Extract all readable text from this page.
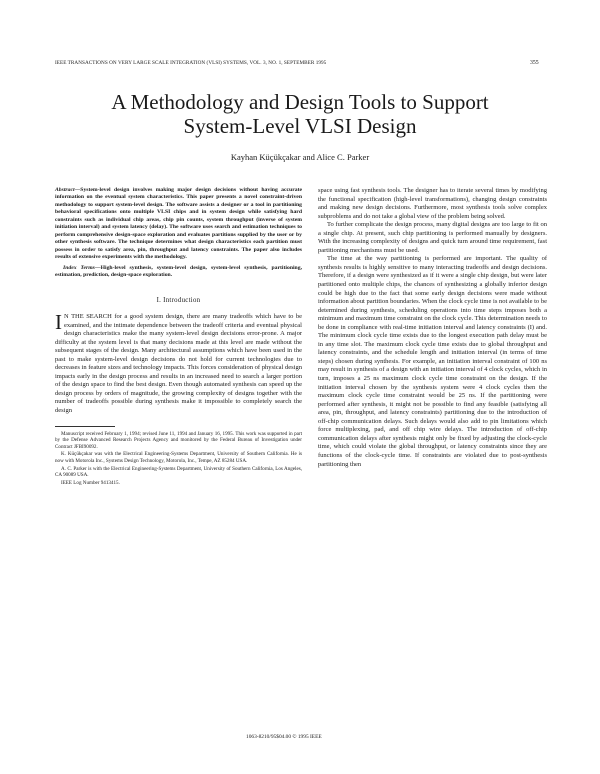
IEEE TRANSACTIONS ON VERY LARGE SCALE INTEGRATION (VLSI) SYSTEMS, VOL. 3, NO. 1, SEPTEMBER 1995	355
A Methodology and Design Tools to Support
System-Level VLSI Design
Kayhan Küçükçakar and Alice C. Parker

Abstract—System-level design involves making major design decisions without having accurate information on the eventual system characteristics. This paper presents a novel constraint-driven methodology to support system-level design. The software assists a designer or a tool in partitioning behavioral specifications onto multiple VLSI chips and in system design while satisfying hard constraints such as individual chip areas, chip pin counts, system throughput (inverse of system initiation interval) and system latency (delay). The software uses search and estimation techniques to perform comprehensive design-space exploration and evaluates partitions supplied by the user or by other synthesis software. The technique determines what design characteristics each partition must possess in order to satisfy area, pin, throughput and latency constraints. The paper also includes results of extensive experiments with the methodology.

Index Terms—High-level synthesis, system-level design, system-level synthesis, partitioning, estimation, prediction, design-space exploration.

I. Introduction

I N THE SEARCH for a good system design, there are many tradeoffs which have to be examined, and the intimate dependence between the tradeoff criteria and eventual physical design characteristics make the many system-level design decisions error-prone. A major difficulty at the system level is that many decisions made at this level are made without the subsequent stages of the design. Many architectural assumptions which have been used in the past to make system-level design decisions do not hold for current technologies due to decreases in feature sizes and technology impacts. This forces consideration of physical design impacts early in the design process and results in an increased need to search a larger portion of the design space to find the best design. Even though automated synthesis can speed up the design process by orders of magnitude, the growing complexity of designs together with the number of tradeoffs possible during synthesis make it impossible to completely search the design

Manuscript received February 1, 1994; revised June 11, 1994 and January 16, 1995. This work was supported in part by the Defense Advanced Research Projects Agency and monitored by the Federal Bureau of Investigation under Contract JFBI90092.

K. Küçükçakar was with the Electrical Engineering-Systems Department, University of Southern California. He is now with Motorola Inc., Systems Design Technology, Motorola, Inc., Tempe, AZ 85284 USA.

A. C. Parker is with the Electrical Engineering-Systems Department, University of Southern California, Los Angeles, CA 90089 USA.

IEEE Log Number 9413415.

space using fast synthesis tools. The designer has to iterate several times by modifying the functional specification (high-level transformations), changing design constraints and making new design decisions. Furthermore, most synthesis tools solve complex subproblems and do not take a global view of the problem being solved.

To further complicate the design process, many digital designs are too large to fit on a single chip. At present, such chip partitioning is performed manually by designers. With the increasing complexity of designs and quick turn around time requirement, fast partitioning mechanisms must be used.

The time at the way partitioning is performed are important. The quality of synthesis results is highly sensitive to many interacting tradeoffs and design decisions. Therefore, if a design were synthesized as if it were a single chip design, but were later partitioned onto multiple chips, the chances of synthesizing a globally inferior design could be high due to the fact that some early design decisions were made without information about partition boundaries. When the clock cycle time is not available to be determined during synthesis, scheduling operations into time steps imposes both a minimum and maximum time constraint on the clock cycle. This determination needs to be done in compliance with real-time initiation interval and latency constraints (I) and. The minimum clock cycle time exists due to the longest execution path delay must be in any time slot. The maximum clock cycle time exists due to global throughput and latency constraints, and the schedule length and initiation interval (in terms of time steps) chosen during synthesis. For example, an initiation interval constraint of 100 ns may result in synthesis of a design with an initiation interval of 4 clock cycles, which in turn, imposes a 25 ns maximum clock cycle time constraint on the design. If the initiation interval chosen by the synthesis system were 4 clock cycles then the maximum clock cycle time constraint would be 25 ns. If the partitioning were performed after synthesis, it might not be possible to find any feasible (satisfying all area, pin, throughput, and latency constraints) partitioning due to the introduction of off-chip communication delays. Such delays would also add to pin limitations which force multiplexing, pad, and off chip wire delays. The introduction of off-chip communication delays after synthesis might only be fixed by adjusting the clock-cycle time, which could violate the global throughput, or latency constraints since they are functions of the clock-cycle time. If constraints are violated due to post-synthesis partitioning then

1063-8210/95$04.00 © 1995 IEEE
